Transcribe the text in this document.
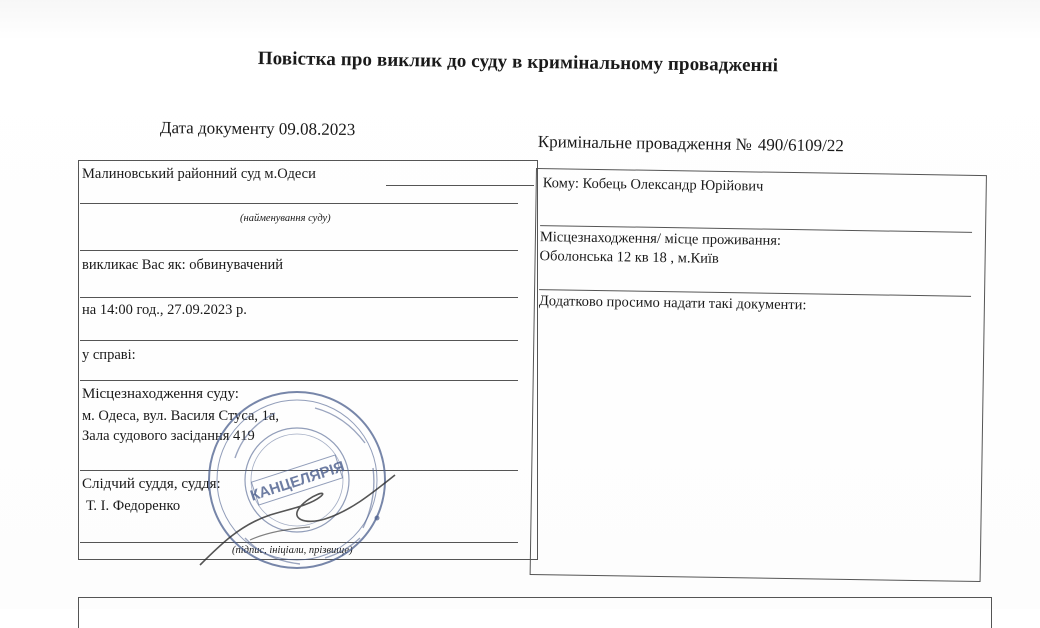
Повістка про виклик до суду в кримінальному провадженні
Дата документу 09.08.2023
Кримінальне провадження № 490/6109/22
Малиновський районний суд м.Одеси
(найменування суду)
викликає Вас як: обвинувачений
на 14:00 год., 27.09.2023 р.
у справі:
Місцезнаходження суду:
м. Одеса, вул. Василя Стуса, 1а,
Зала судового засідання 419
Слідчий суддя, суддя:
Т. І. Федоренко
(підпис, ініціали, прізвище)
Кому: Кобець Олександр Юрійович
Місцезнаходження/ місце проживання:
Оболонська 12 кв 18 , м.Київ
Додатково просимо надати такі документи:
КАНЦЕЛЯРІЯ
